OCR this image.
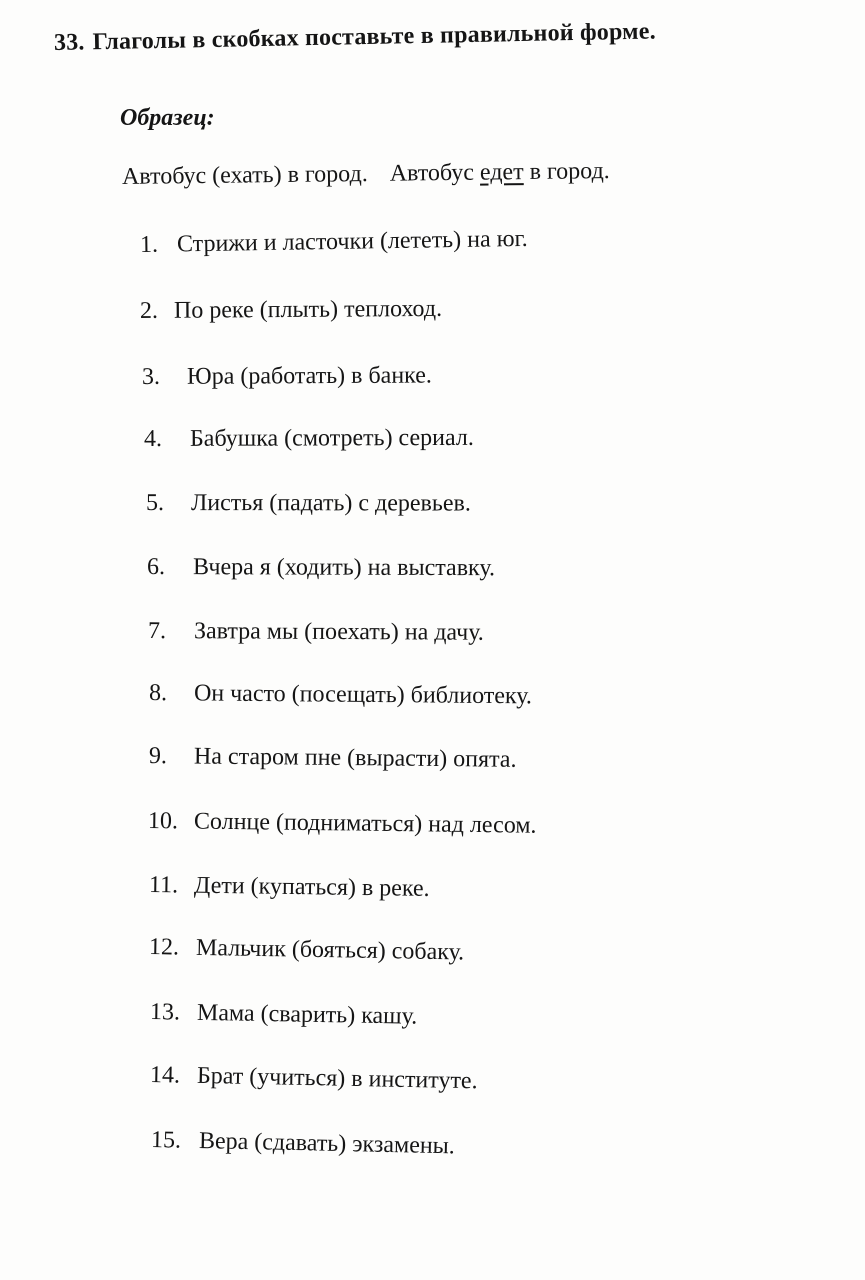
33. Глаголы в скобках поставьте в правильной форме.
Образец:
Автобус (ехать) в город. Автобус едет в город.
1. Стрижи и ласточки (лететь) на юг.
2. По реке (плыть) теплоход.
3.	Юра (работать) в банке.
4.	Бабушка (смотреть) сериал.
5.	Листья (падать) с деревьев.
6.	Вчера я (ходить) на выставку.
7.	Завтра мы (поехать) на дачу.
8.	Он часто (посещать) библиотеку.
9.	На старом пне (вырасти) опята.
10. Солнце (подниматься) над лесом.
11. Дети (купаться) в реке.
12. Мальчик (бояться) собаку.
13. Мама (сварить) кашу.
14. Брат (учиться) в институте.
15. Вера (сдавать) экзамены.
